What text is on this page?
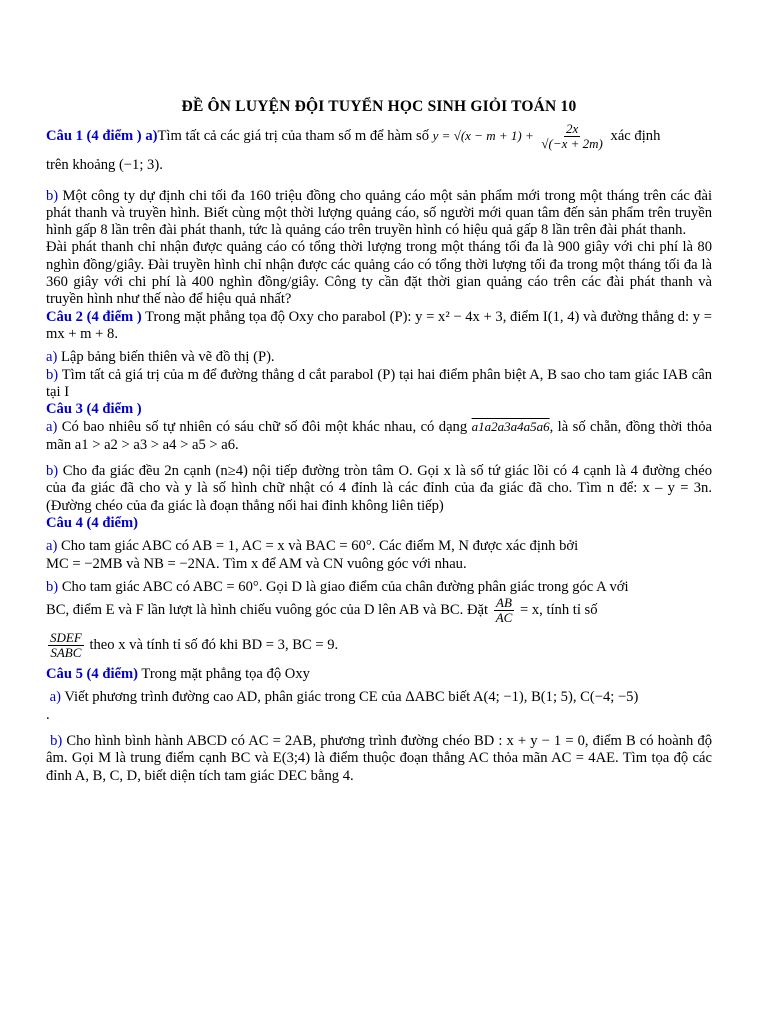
ĐỀ ÔN LUYỆN ĐỘI TUYỂN HỌC SINH GIỎI TOÁN 10

Câu 1 (4 điểm ) a)Tìm tất cả các giá trị của tham số m để hàm số $y = √(x - m + 1) + \frac{2x}{√(-x + 2m)}$ xác định

trên khoảng (−1; 3).

b) Một công ty dự định chi tối đa 160 triệu đồng cho quảng cáo một sản phẩm mới trong một tháng trên các đài phát thanh và truyền hình. Biết cùng một thời lượng quảng cáo, số người mới quan tâm đến sản phẩm trên truyền hình gấp 8 lần trên đài phát thanh, tức là quảng cáo trên truyền hình có hiệu quả gấp 8 lần trên đài phát thanh.

Đài phát thanh chỉ nhận được quảng cáo có tổng thời lượng trong một tháng tối đa là 900 giây với chi phí là 80 nghìn đồng/giây. Đài truyền hình chỉ nhận được các quảng cáo có tổng thời lượng tối đa trong một tháng tối đa là 360 giây với chi phí là 400 nghìn đồng/giây. Công ty cần đặt thời gian quảng cáo trên các đài phát thanh và truyền hình như thế nào để hiệu quả nhất?

Câu 2 (4 điểm ) Trong mặt phẳng tọa độ Oxy cho parabol (P): y = x² − 4x + 3, điểm I(1, 4) và đường thẳng d: y = mx + m + 8.

a) Lập bảng biến thiên và vẽ đồ thị (P).

b) Tìm tất cả giá trị của m để đường thẳng d cắt parabol (P) tại hai điểm phân biệt A, B sao cho tam giác IAB cân tại I

Câu 3 (4 điểm )

a) Có bao nhiêu số tự nhiên có sáu chữ số đôi một khác nhau, có dạng a1a2a3a4a5a6, là số chẵn, đồng thời thỏa mãn a1 > a2 > a3 > a4 > a5 > a6.

b) Cho đa giác đều 2n cạnh (n≥4) nội tiếp đường tròn tâm O. Gọi x là số tứ giác lồi có 4 cạnh là 4 đường chéo của đa giác đã cho và y là số hình chữ nhật có 4 đỉnh là các đỉnh của đa giác đã cho. Tìm n để: x – y = 3n. (Đường chéo của đa giác là đoạn thẳng nối hai đỉnh không liên tiếp)

Câu 4 (4 điểm)

a) Cho tam giác ABC có AB = 1, AC = x và BAC = 60°. Các điểm M, N được xác định bởi

MC = −2MB và NB = −2NA. Tìm x để AM và CN vuông góc với nhau.

b) Cho tam giác ABC có ABC = 60°. Gọi D là giao điểm của chân đường phân giác trong góc A với

BC, điểm E và F lần lượt là hình chiếu vuông góc của D lên AB và BC. Đặt $\frac{AB}{AC} = x$, tính tỉ số

$\frac{\text{SDEF}}{\text{SABC}}$ theo x và tính tỉ số đó khi BD = 3, BC = 9.

Câu 5 (4 điểm) Trong mặt phẳng tọa độ Oxy

a) Viết phương trình đường cao AD, phân giác trong CE của ΔABC biết A(4; −1), B(1; 5), C(−4; −5)

.

b) Cho hình bình hành ABCD có AC = 2AB, phương trình đường chéo BD : x + y − 1 = 0, điểm B có hoành độ âm. Gọi M là trung điểm cạnh BC và E(3;4) là điểm thuộc đoạn thẳng AC thỏa mãn AC = 4AE. Tìm tọa độ các đỉnh A, B, C, D, biết diện tích tam giác DEC bằng 4.
